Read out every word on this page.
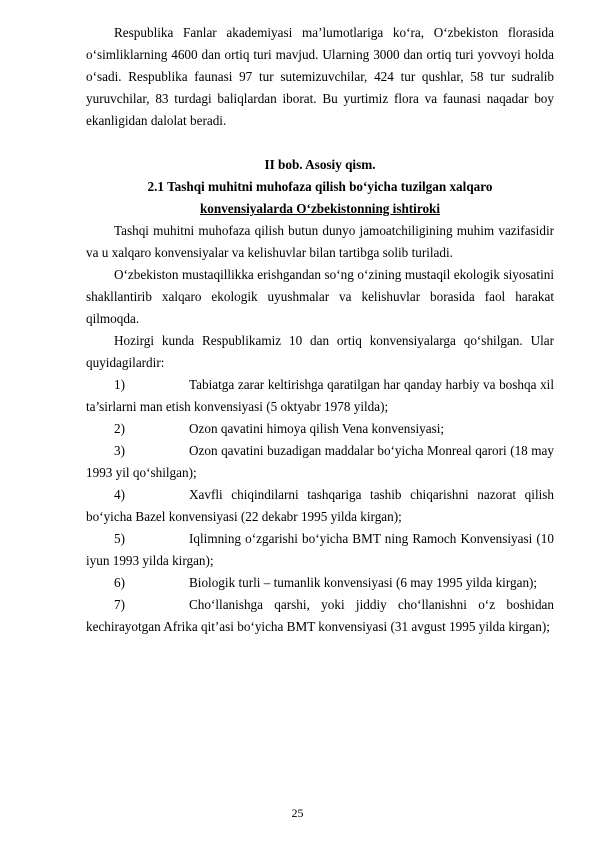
Respublika Fanlar akademiyasi ma’lumotlariga ko‘ra, O‘zbekiston florasida o‘simliklarning 4600 dan ortiq turi mavjud. Ularning 3000 dan ortiq turi yovvoyi holda o‘sadi. Respublika faunasi 97 tur sutemizuvchilar, 424 tur qushlar, 58 tur sudralib yuruvchilar, 83 turdagi baliqlardan iborat. Bu yurtimiz flora va faunasi naqadar boy ekanligidan dalolat beradi.

II bob. Asosiy qism.

2.1 Tashqi muhitni muhofaza qilish bo‘yicha tuzilgan xalqaro

konvensiyalarda O‘zbekistonning ishtiroki

Tashqi muhitni muhofaza qilish butun dunyo jamoatchiligining muhim vazifasidir va u xalqaro konvensiyalar va kelishuvlar bilan tartibga solib turiladi.

O‘zbekiston mustaqillikka erishgandan so‘ng o‘zining mustaqil ekologik siyosatini shakllantirib xalqaro ekologik uyushmalar va kelishuvlar borasida faol harakat qilmoqda.

Hozirgi kunda Respublikamiz 10 dan ortiq konvensiyalarga qo‘shilgan. Ular quyidagilardir:

1)	Tabiatga zarar keltirishga qaratilgan har qanday harbiy va boshqa xil ta’sirlarni man etish konvensiyasi (5 oktyabr 1978 yilda);

2)	Ozon qavatini himoya qilish Vena konvensiyasi;

3)	Ozon qavatini buzadigan maddalar bo‘yicha Monreal qarori (18 may 1993 yil qo‘shilgan);

4)	Xavfli chiqindilarni tashqariga tashib chiqarishni nazorat qilish bo‘yicha Bazel konvensiyasi (22 dekabr 1995 yilda kirgan);

5)	Iqlimning o‘zgarishi bo‘yicha BMT ning Ramoch Konvensiyasi (10 iyun 1993 yilda kirgan);

6)	Biologik turli – tumanlik konvensiyasi (6 may 1995 yilda kirgan);

7)	Cho‘llanishga qarshi, yoki jiddiy cho‘llanishni o‘z boshidan kechirayotgan Afrika qit’asi bo‘yicha BMT konvensiyasi (31 avgust 1995 yilda kirgan);

25
